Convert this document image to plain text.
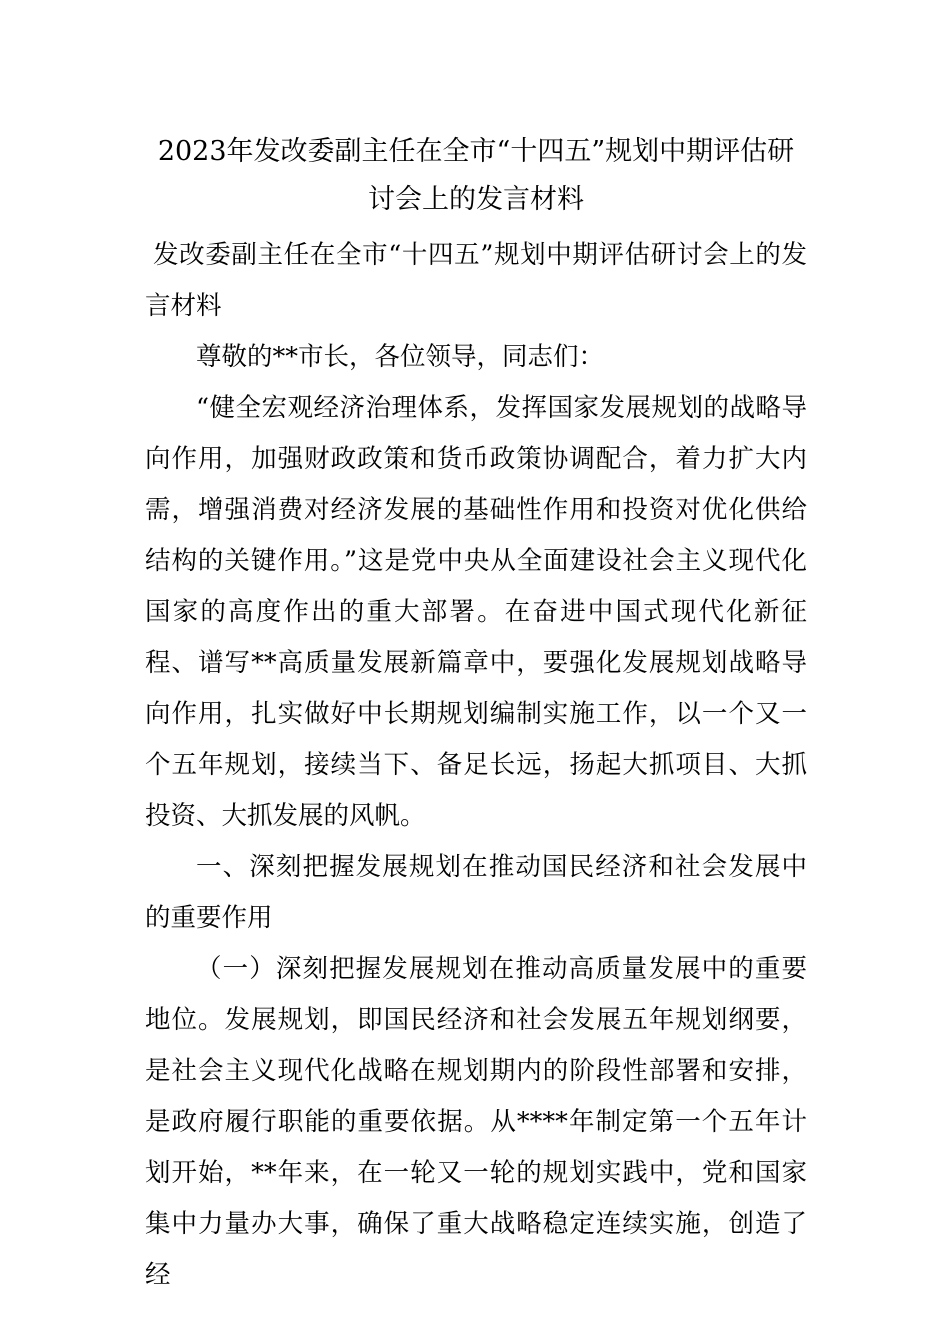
2023年发改委副主任在全市“十四五”规划中期评估研讨会上的发言材料

发改委副主任在全市“十四五”规划中期评估研讨会上的发言材料

尊敬的**市长，各位领导，同志们：

“健全宏观经济治理体系，发挥国家发展规划的战略导向作用，加强财政政策和货币政策协调配合，着力扩大内需，增强消费对经济发展的基础性作用和投资对优化供给结构的关键作用。”这是党中央从全面建设社会主义现代化国家的高度作出的重大部署。在奋进中国式现代化新征程、谱写**高质量发展新篇章中，要强化发展规划战略导向作用，扎实做好中长期规划编制实施工作，以一个又一个五年规划，接续当下、备足长远，扬起大抓项目、大抓投资、大抓发展的风帆。

一、深刻把握发展规划在推动国民经济和社会发展中的重要作用

（一）深刻把握发展规划在推动高质量发展中的重要地位。发展规划，即国民经济和社会发展五年规划纲要，是社会主义现代化战略在规划期内的阶段性部署和安排，是政府履行职能的重要依据。从****年制定第一个五年计划开始，**年来，在一轮又一轮的规划实践中，党和国家集中力量办大事，确保了重大战略稳定连续实施，创造了经
